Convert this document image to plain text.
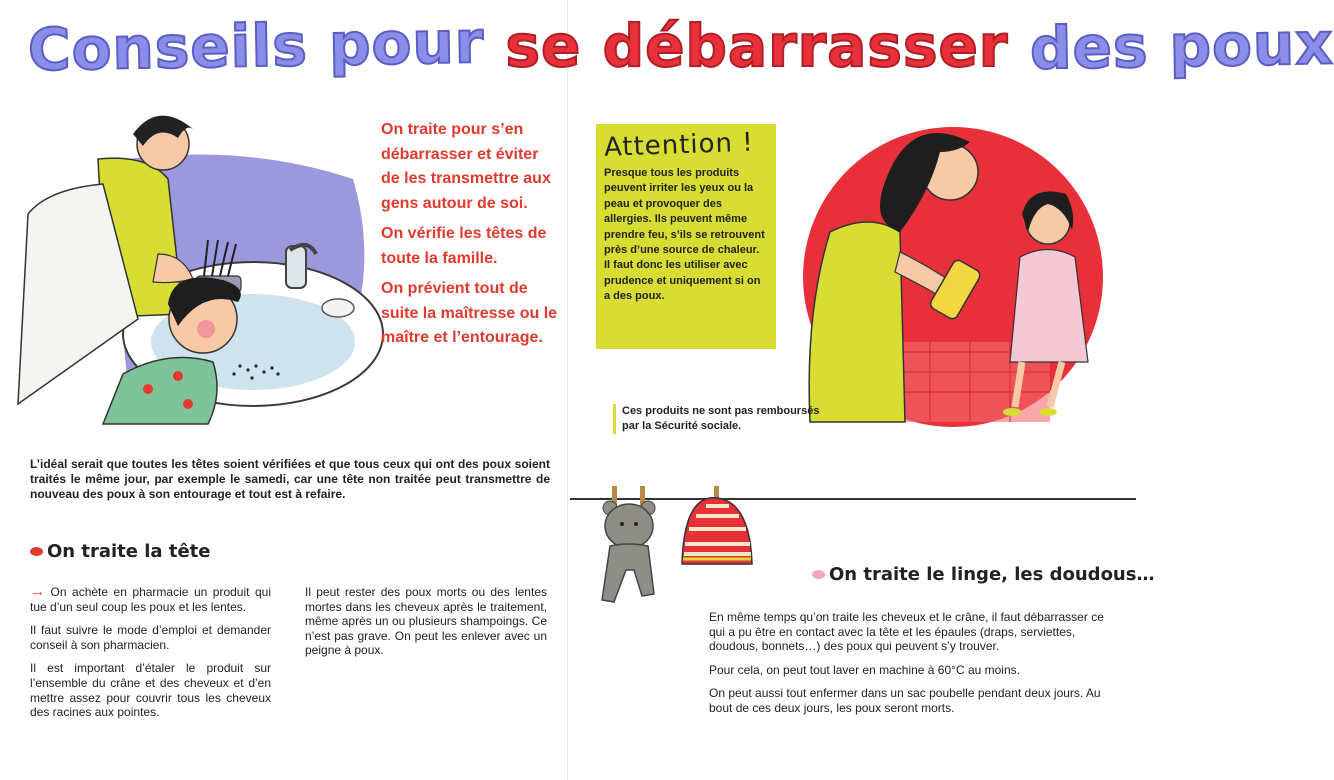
Conseils pour se débarrasser des poux

On traite pour s’en débarrasser et éviter de les transmettre aux gens autour de soi.

On vérifie les têtes de toute la famille.

On prévient tout de suite la maîtresse ou le maître et l’entourage.

Attention !
Presque tous les produits peuvent irriter les yeux ou la peau et provoquer des allergies. Ils peuvent même prendre feu, s’ils se retrouvent près d’une source de chaleur. Il faut donc les utiliser avec prudence et uniquement si on a des poux.
Ces produits ne sont pas remboursés par la Sécurité sociale.
L’idéal serait que toutes les têtes soient vérifiées et que tous ceux qui ont des poux soient traités le même jour, par exemple le samedi, car une tête non traitée peut transmettre de nouveau des poux à son entourage et tout est à refaire.
On traite la tête

→ On achète en pharmacie un produit qui tue d’un seul coup les poux et les lentes.

Il faut suivre le mode d’emploi et demander conseil à son pharmacien.

Il est important d’étaler le produit sur l’ensemble du crâne et des cheveux et d’en mettre assez pour couvrir tous les cheveux des racines aux pointes.

Il peut rester des poux morts ou des lentes mortes dans les cheveux après le traitement, même après un ou plusieurs shampoings. Ce n’est pas grave. On peut les enlever avec un peigne à poux.

On traite le linge, les doudous…

En même temps qu’on traite les cheveux et le crâne, il faut débarrasser ce qui a pu être en contact avec la tête et les épaules (draps, serviettes, doudous, bonnets…) des poux qui peuvent s’y trouver.

Pour cela, on peut tout laver en machine à 60°C au moins.

On peut aussi tout enfermer dans un sac poubelle pendant deux jours. Au bout de ces deux jours, les poux seront morts.
